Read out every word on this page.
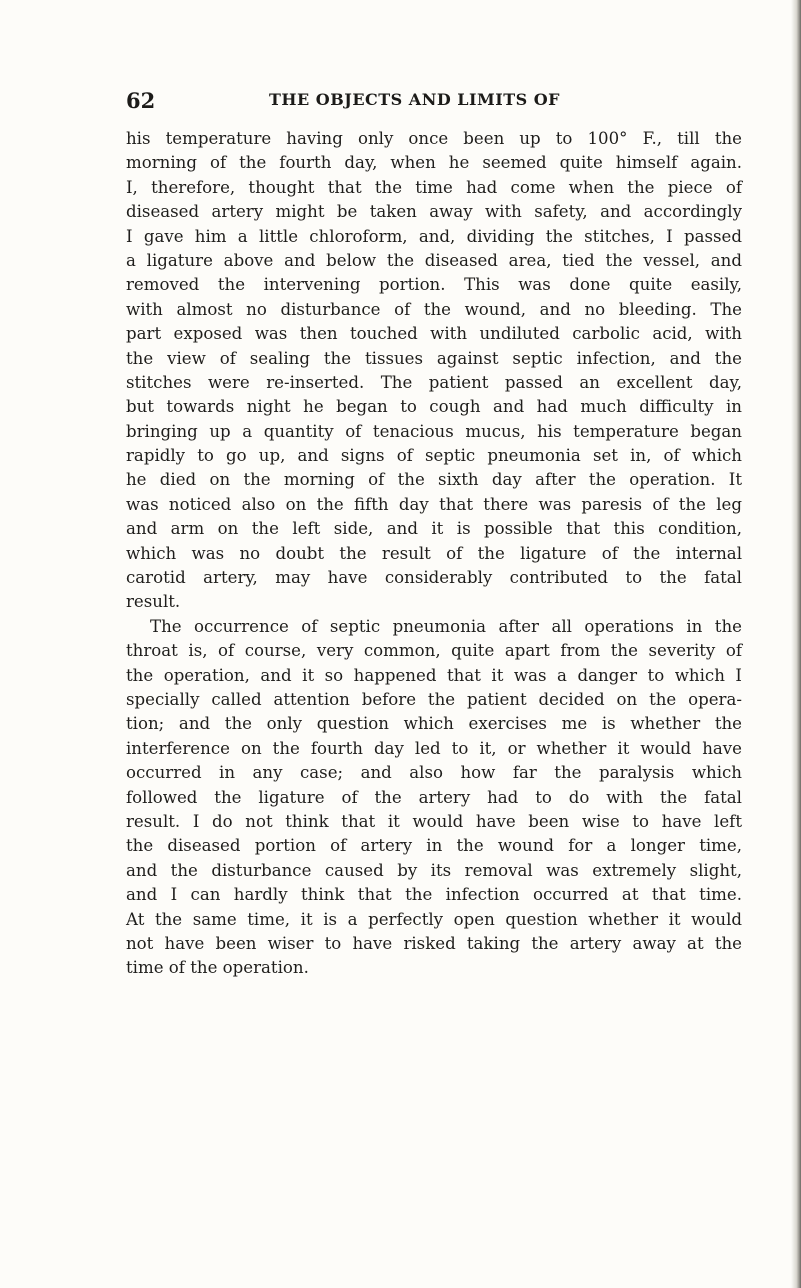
62	THE OBJECTS AND LIMITS OF
his temperature having only once been up to 100° F., till the
morning of the fourth day, when he seemed quite himself again.
I, therefore, thought that the time had come when the piece of
diseased artery might be taken away with safety, and accordingly
I gave him a little chloroform, and, dividing the stitches, I passed
a ligature above and below the diseased area, tied the vessel, and
removed the intervening portion. This was done quite easily,
with almost no disturbance of the wound, and no bleeding. The
part exposed was then touched with undiluted carbolic acid, with
the view of sealing the tissues against septic infection, and the
stitches were re-inserted. The patient passed an excellent day,
but towards night he began to cough and had much difficulty in
bringing up a quantity of tenacious mucus, his temperature began
rapidly to go up, and signs of septic pneumonia set in, of which
he died on the morning of the sixth day after the operation. It
was noticed also on the fifth day that there was paresis of the leg
and arm on the left side, and it is possible that this condition,
which was no doubt the result of the ligature of the internal
carotid artery, may have considerably contributed to the fatal
result.
The occurrence of septic pneumonia after all operations in the
throat is, of course, very common, quite apart from the severity of
the operation, and it so happened that it was a danger to which I
specially called attention before the patient decided on the opera-
tion; and the only question which exercises me is whether the
interference on the fourth day led to it, or whether it would have
occurred in any case; and also how far the paralysis which
followed the ligature of the artery had to do with the fatal
result. I do not think that it would have been wise to have left
the diseased portion of artery in the wound for a longer time,
and the disturbance caused by its removal was extremely slight,
and I can hardly think that the infection occurred at that time.
At the same time, it is a perfectly open question whether it would
not have been wiser to have risked taking the artery away at the
time of the operation.
